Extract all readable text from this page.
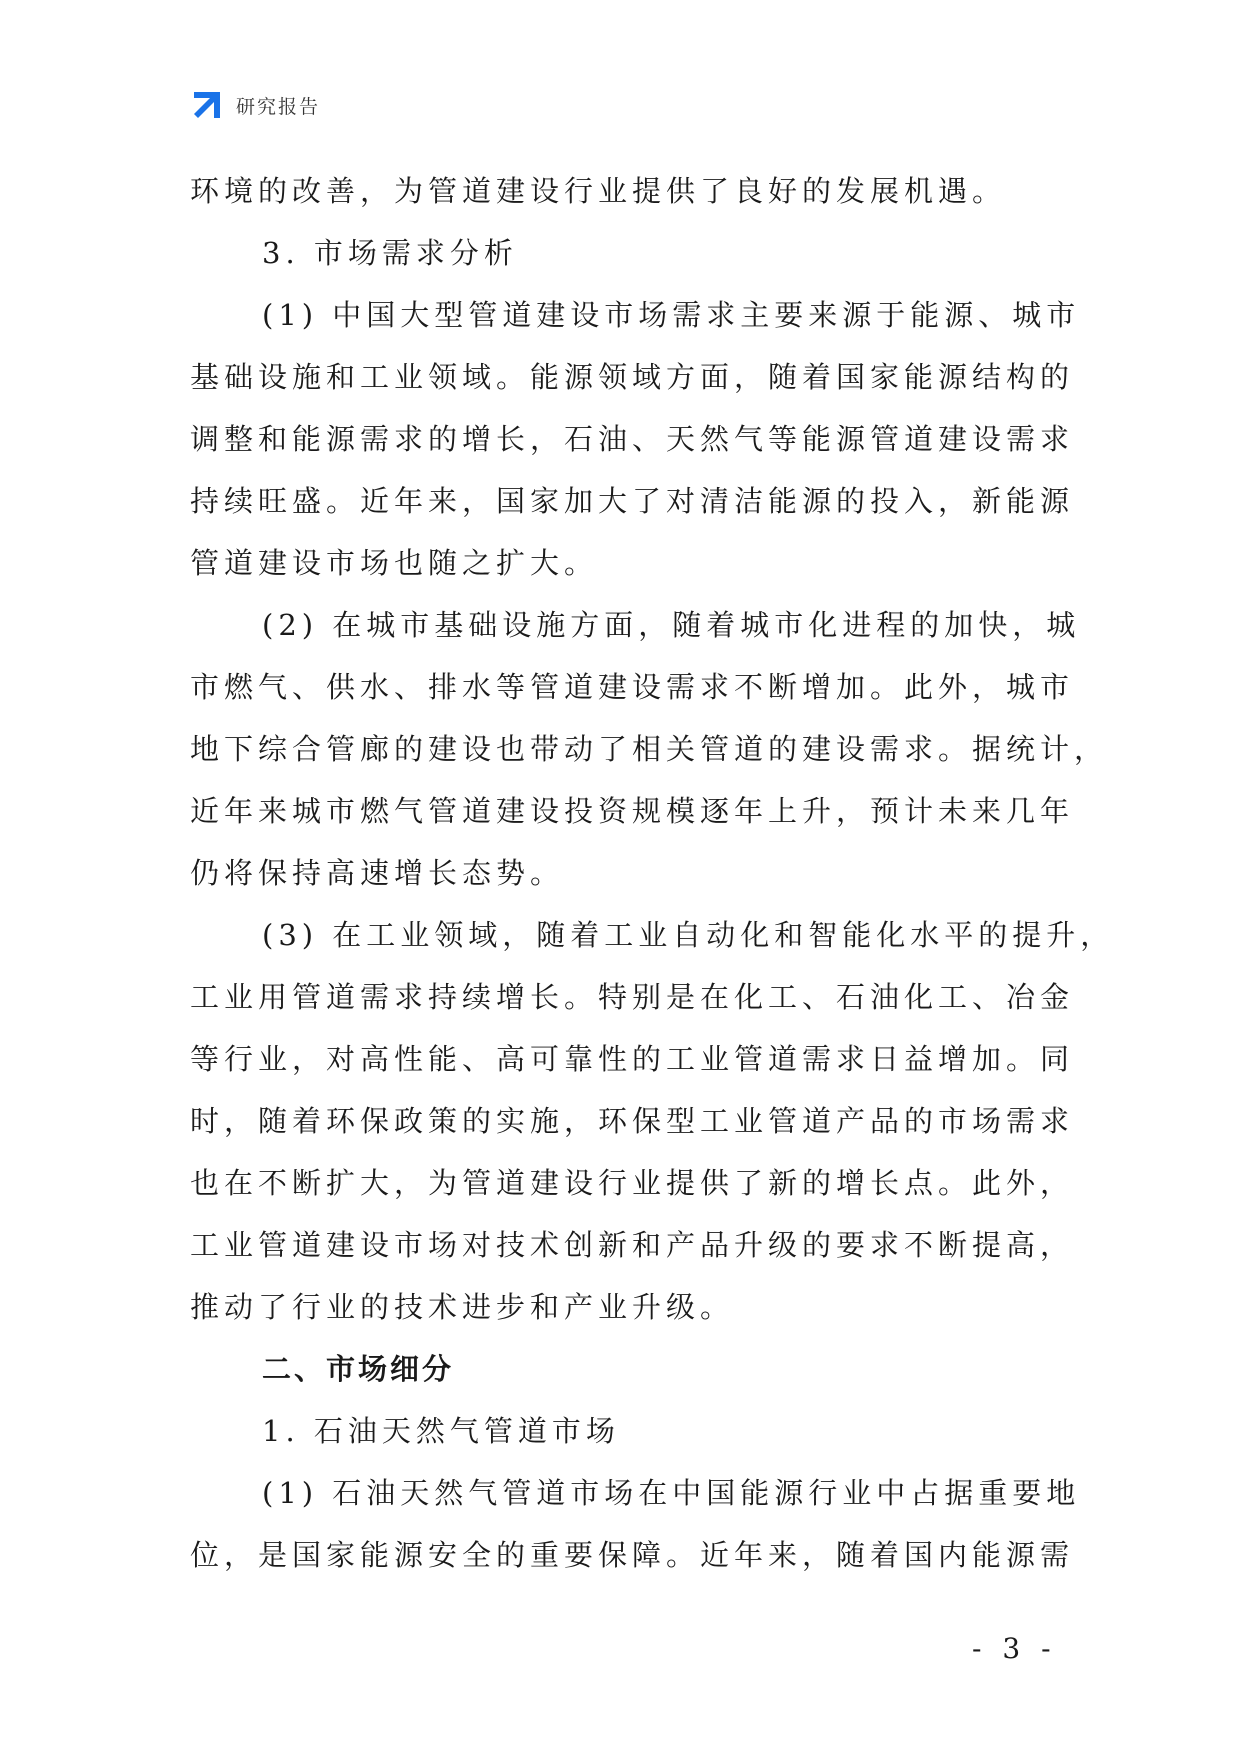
研究报告
环境的改善，为管道建设行业提供了良好的发展机遇。
3. 市场需求分析
(1) 中国大型管道建设市场需求主要来源于能源、城市
基础设施和工业领域。能源领域方面，随着国家能源结构的
调整和能源需求的增长，石油、天然气等能源管道建设需求
持续旺盛。近年来，国家加大了对清洁能源的投入，新能源
管道建设市场也随之扩大。
(2) 在城市基础设施方面，随着城市化进程的加快，城
市燃气、供水、排水等管道建设需求不断增加。此外，城市
地下综合管廊的建设也带动了相关管道的建设需求。据统计，
近年来城市燃气管道建设投资规模逐年上升，预计未来几年
仍将保持高速增长态势。
(3) 在工业领域，随着工业自动化和智能化水平的提升，
工业用管道需求持续增长。特别是在化工、石油化工、冶金
等行业，对高性能、高可靠性的工业管道需求日益增加。同
时，随着环保政策的实施，环保型工业管道产品的市场需求
也在不断扩大，为管道建设行业提供了新的增长点。此外，
工业管道建设市场对技术创新和产品升级的要求不断提高，
推动了行业的技术进步和产业升级。
二、市场细分
1. 石油天然气管道市场
(1) 石油天然气管道市场在中国能源行业中占据重要地
位，是国家能源安全的重要保障。近年来，随着国内能源需
- 3 -
